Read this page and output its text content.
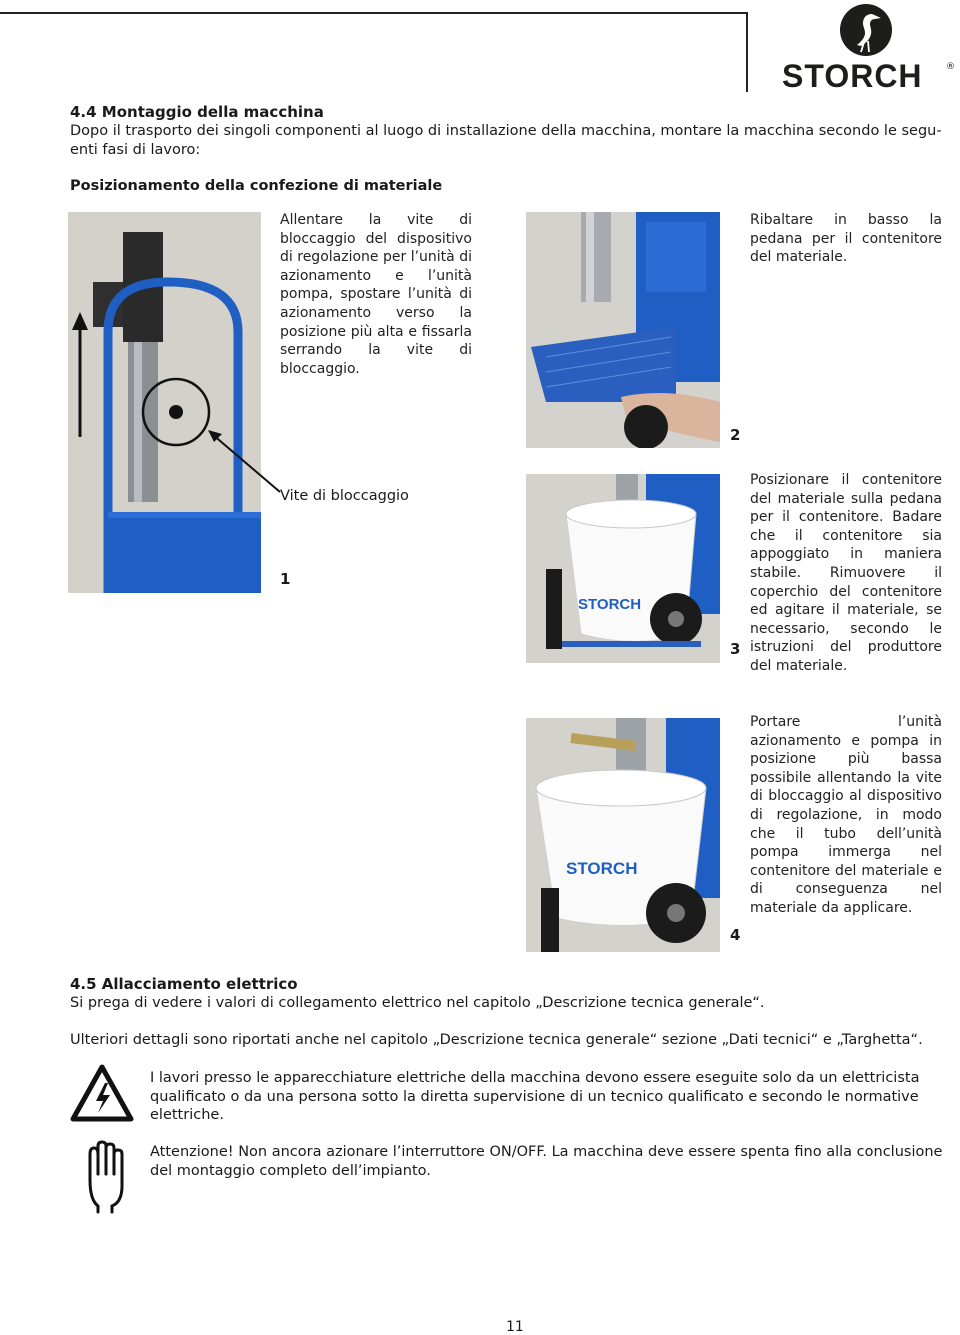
STORCH	®
4.4 Montaggio della macchina
Dopo il trasporto dei singoli componenti al luogo di installazione della macchina, montare la macchina secondo le segu-
enti fasi di lavoro:
Posizionamento della confezione di materiale
Allentare la vite di bloccaggio del dispositivo di regolazione per l’unità di azionamento e l’unità pompa, spostare l’unità di azionamento verso la posizione più alta e fissarla serrando la vite di bloccaggio.
Vite di bloccaggio
1
Ribaltare in basso la pedana per il contenitore del materiale.
2
STORCH
Posizionare il contenitore del materiale sulla pedana per il contenitore. Badare che il contenitore sia appoggiato in maniera stabile. Rimuovere il coperchio del contenitore ed agitare il materiale, se necessario, secondo le istruzioni del produttore del materiale.
3
STORCH
Portare l’unità azionamento e pompa in posizione più bassa possibile allentando la vite di bloccaggio al dispositivo di regolazione, in modo che il tubo dell’unità pompa immerga nel contenitore del materiale e di conseguenza nel materiale da applicare.
4
4.5 Allacciamento elettrico
Si prega di vedere i valori di collegamento elettrico nel capitolo „Descrizione tecnica generale“.
Ulteriori dettagli sono riportati anche nel capitolo „Descrizione tecnica generale“ sezione „Dati tecnici“ e „Targhetta“.
I lavori presso le apparecchiature elettriche della macchina devono essere eseguite solo da un elettricista qualificato o da una persona sotto la diretta supervisione di un tecnico qualificato e secondo le normative elettriche.
Attenzione! Non ancora azionare l’interruttore ON/OFF. La macchina deve essere spenta fino alla conclusione del montaggio completo dell’impianto.
11
